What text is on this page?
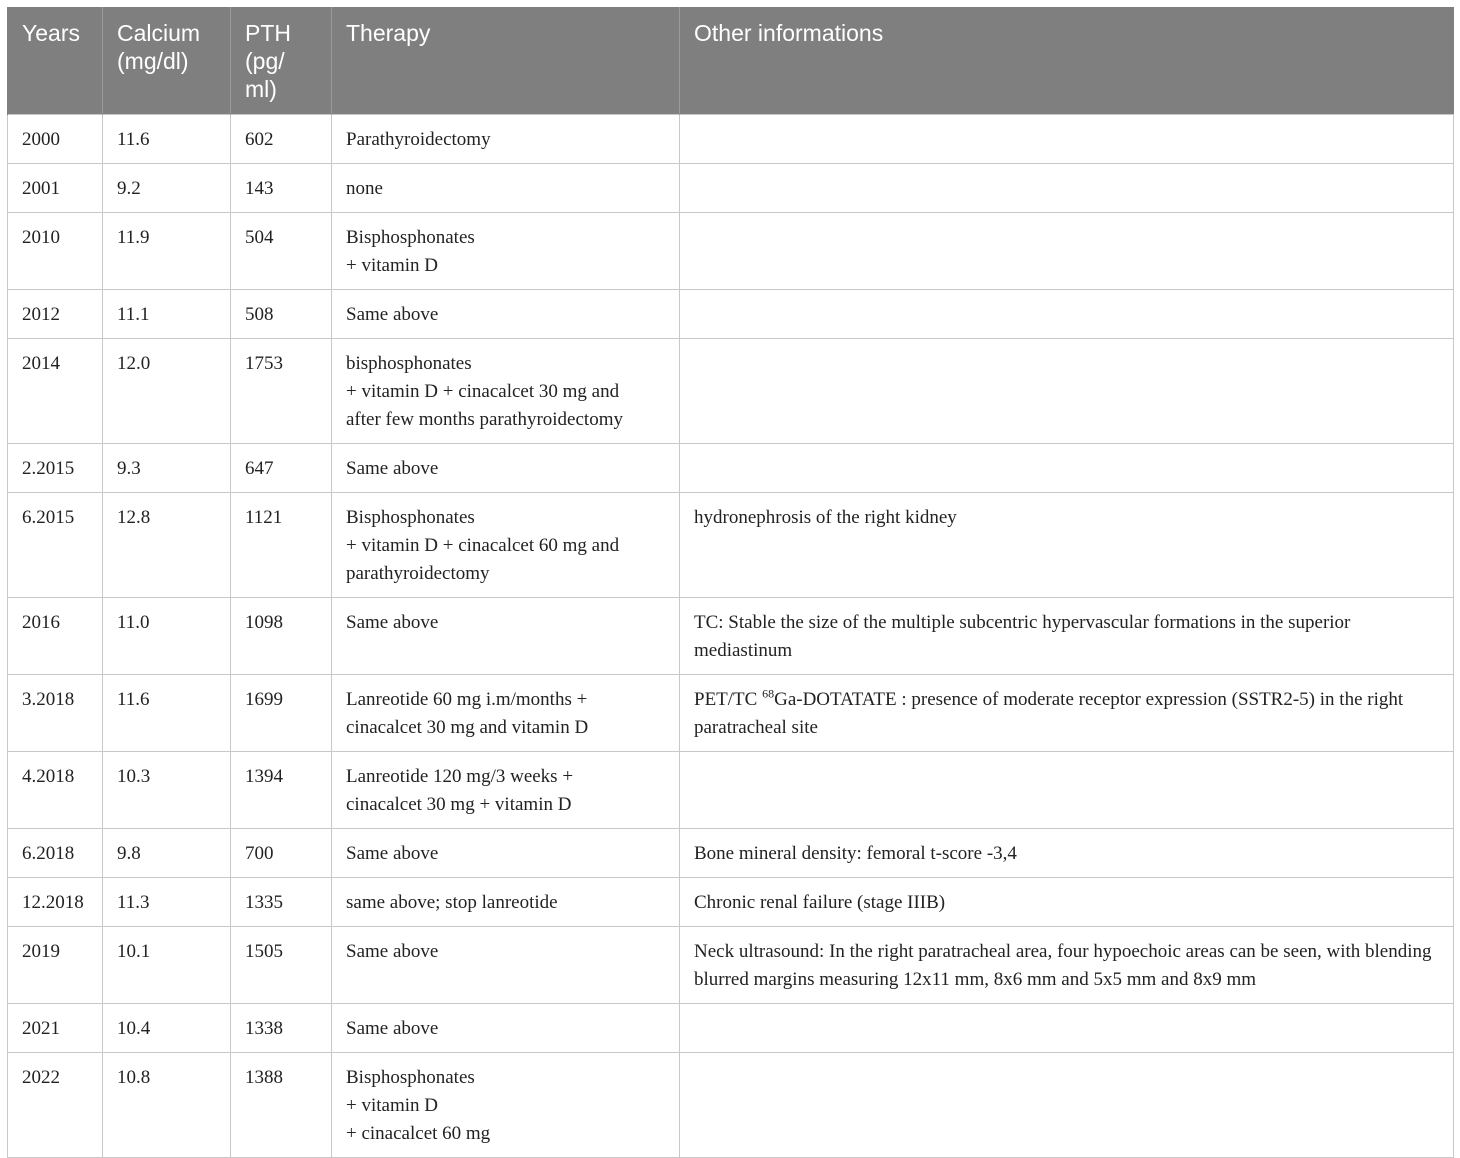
Years	Calcium (mg/dl)	PTH (pg/ ml)	Therapy	Other informations
2000	11.6	602	Parathyroidectomy	

2001	9.2	143	none	

2010	11.9	504	Bisphosphonates
+ vitamin D	

2012	11.1	508	Same above	

2014	12.0	1753	bisphosphonates
+ vitamin D + cinacalcet 30 mg and
after few months parathyroidectomy	

2.2015	9.3	647	Same above	

6.2015	12.8	1121	Bisphosphonates
+ vitamin D + cinacalcet 60 mg and
parathyroidectomy	hydronephrosis of the right kidney
2016	11.0	1098	Same above	TC: Stable the size of the multiple subcentric hypervascular formations in the superior mediastinum
3.2018	11.6	1699	Lanreotide 60 mg i.m/months +
cinacalcet 30 mg and vitamin D	PET/TC $^{68}$Ga-DOTATATE : presence of moderate receptor expression (SSTR2-5) in the right paratracheal site
4.2018	10.3	1394	Lanreotide 120 mg/3 weeks +
cinacalcet 30 mg + vitamin D	

6.2018	9.8	700	Same above	Bone mineral density: femoral t-score -3,4
12.2018	11.3	1335	same above; stop lanreotide	Chronic renal failure (stage IIIB)
2019	10.1	1505	Same above	Neck ultrasound: In the right paratracheal area, four hypoechoic areas can be seen, with blending blurred margins measuring 12x11 mm, 8x6 mm and 5x5 mm and 8x9 mm
2021	10.4	1338	Same above	

2022	10.8	1388	Bisphosphonates
+ vitamin D
+ cinacalcet 60 mg	
